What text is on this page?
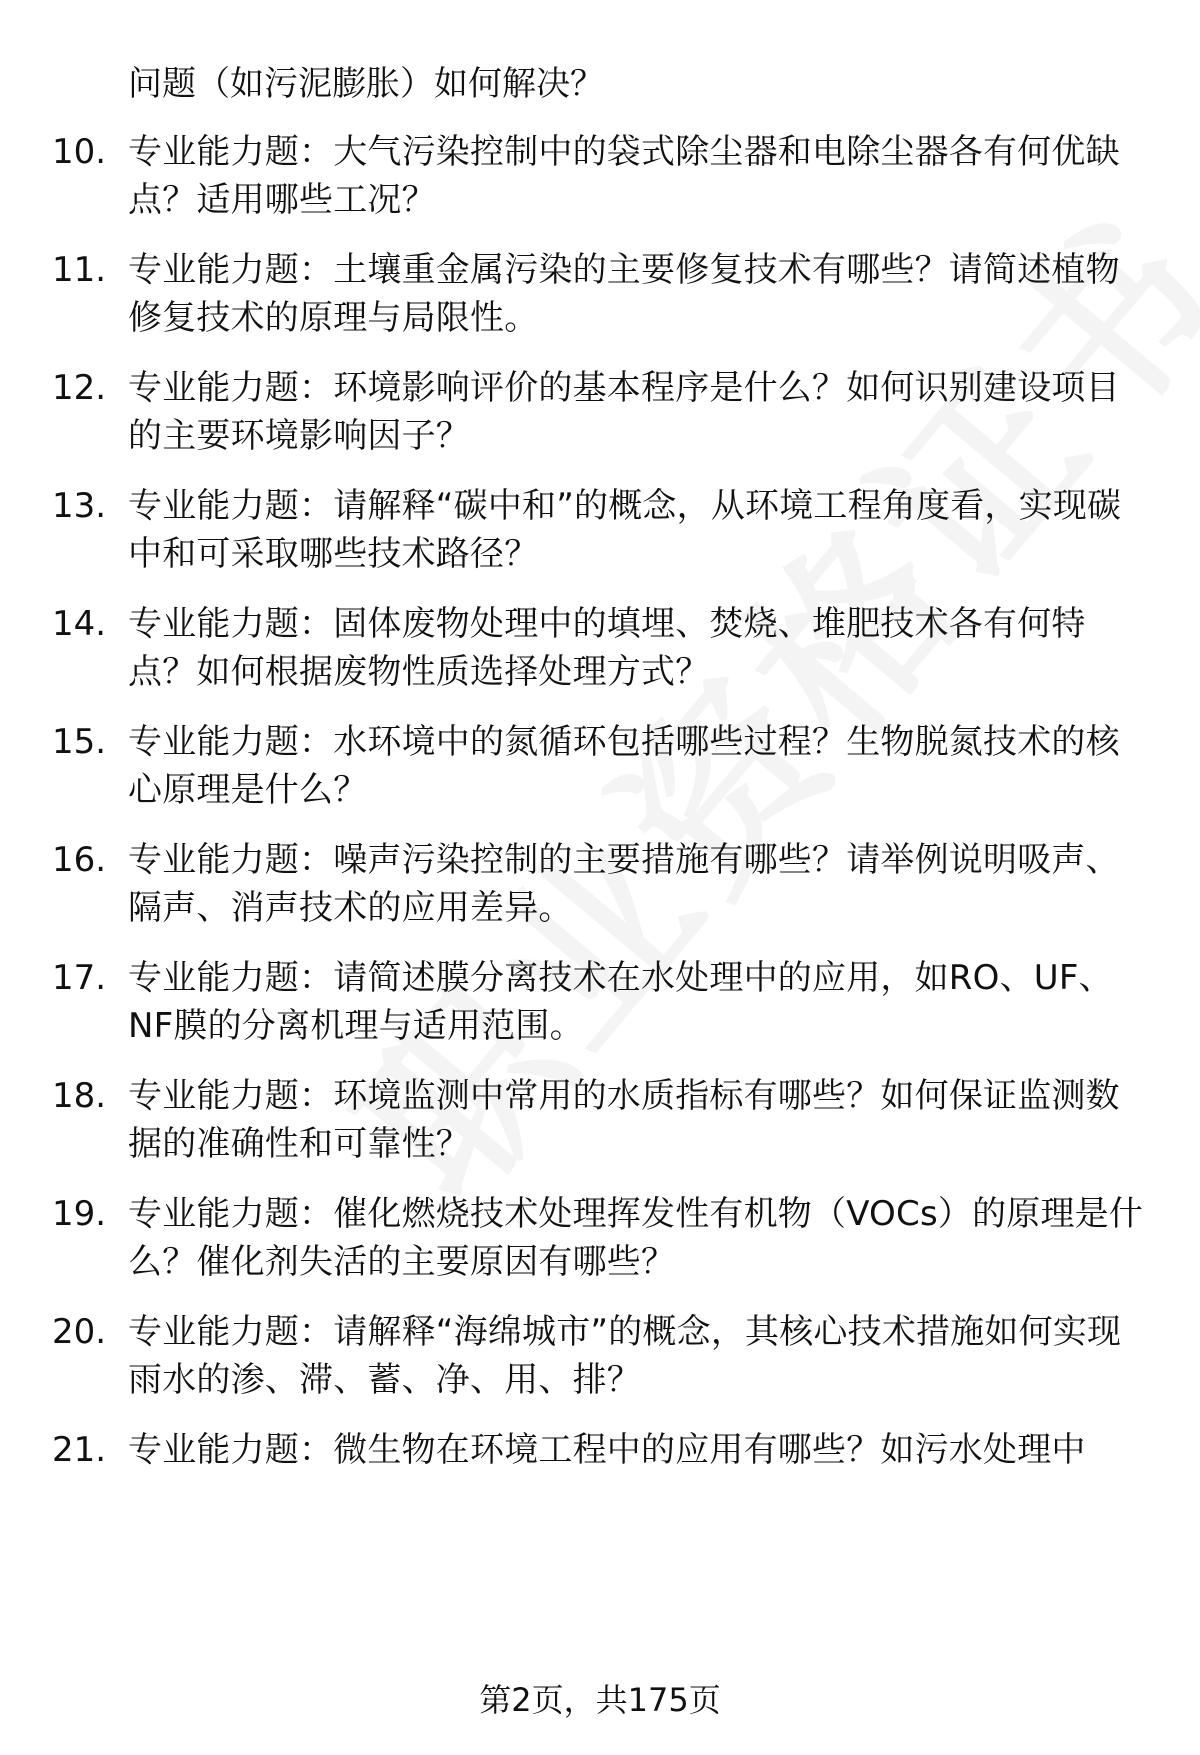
问题（如污泥膨胀）如何解决？
10. 专业能力题：大气污染控制中的袋式除尘器和电除尘器各有何优缺点？适用哪些工况？
11. 专业能力题：土壤重金属污染的主要修复技术有哪些？请简述植物修复技术的原理与局限性。
12. 专业能力题：环境影响评价的基本程序是什么？如何识别建设项目的主要环境影响因子？
13. 专业能力题：请解释“碳中和”的概念，从环境工程角度看，实现碳中和可采取哪些技术路径？
14. 专业能力题：固体废物处理中的填埋、焚烧、堆肥技术各有何特点？如何根据废物性质选择处理方式？
15. 专业能力题：水环境中的氮循环包括哪些过程？生物脱氮技术的核心原理是什么？
16. 专业能力题：噪声污染控制的主要措施有哪些？请举例说明吸声、隔声、消声技术的应用差异。
17. 专业能力题：请简述膜分离技术在水处理中的应用，如RO、UF、NF膜的分离机理与适用范围。
18. 专业能力题：环境监测中常用的水质指标有哪些？如何保证监测数据的准确性和可靠性？
19. 专业能力题：催化燃烧技术处理挥发性有机物（VOCs）的原理是什么？催化剂失活的主要原因有哪些？
20. 专业能力题：请解释“海绵城市”的概念，其核心技术措施如何实现雨水的渗、滞、蓄、净、用、排？
21. 专业能力题：微生物在环境工程中的应用有哪些？如污水处理中
第2页，共175页
